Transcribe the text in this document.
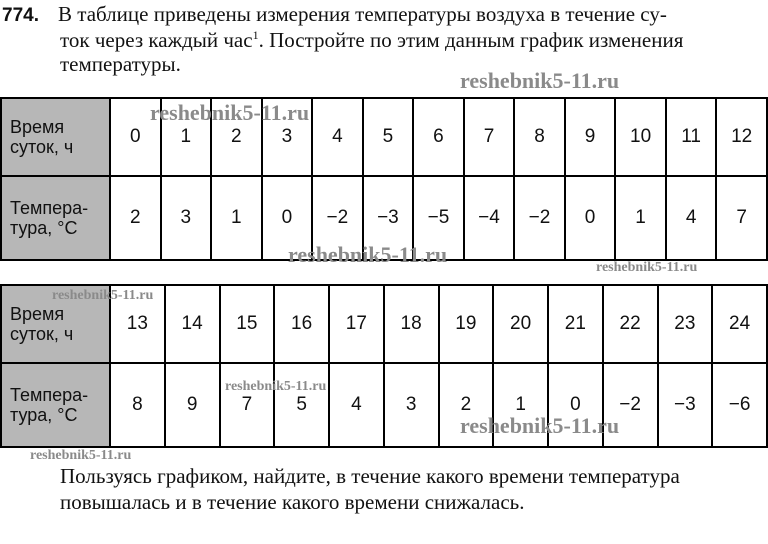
774. В таблице приведены измерения температуры воздуха в течение су-
ток через каждый час$^1$. Постройте по этим данным график изменения
температуры.
Время суток, ч	0	1	2	3	4	5	6	7	8	9	10	11	12
Темпера- тура, °С	2	3	1	0	−2	−3	−5	−4	−2	0	1	4	7
Время суток, ч	13	14	15	16	17	18	19	20	21	22	23	24
Темпера- тура, °С	8	9	7	5	4	3	2	1	0	−2	−3	−6
reshebnik5-11.ru
reshebnik5-11.ru
reshebnik5-11.ru
reshebnik5-11.ru
reshebnik5-11.ru
reshebnik5-11.ru
reshebnik5-11.ru
reshebnik5-11.ru
Пользуясь графиком, найдите, в течение какого времени температура
повышалась и в течение какого времени снижалась.
